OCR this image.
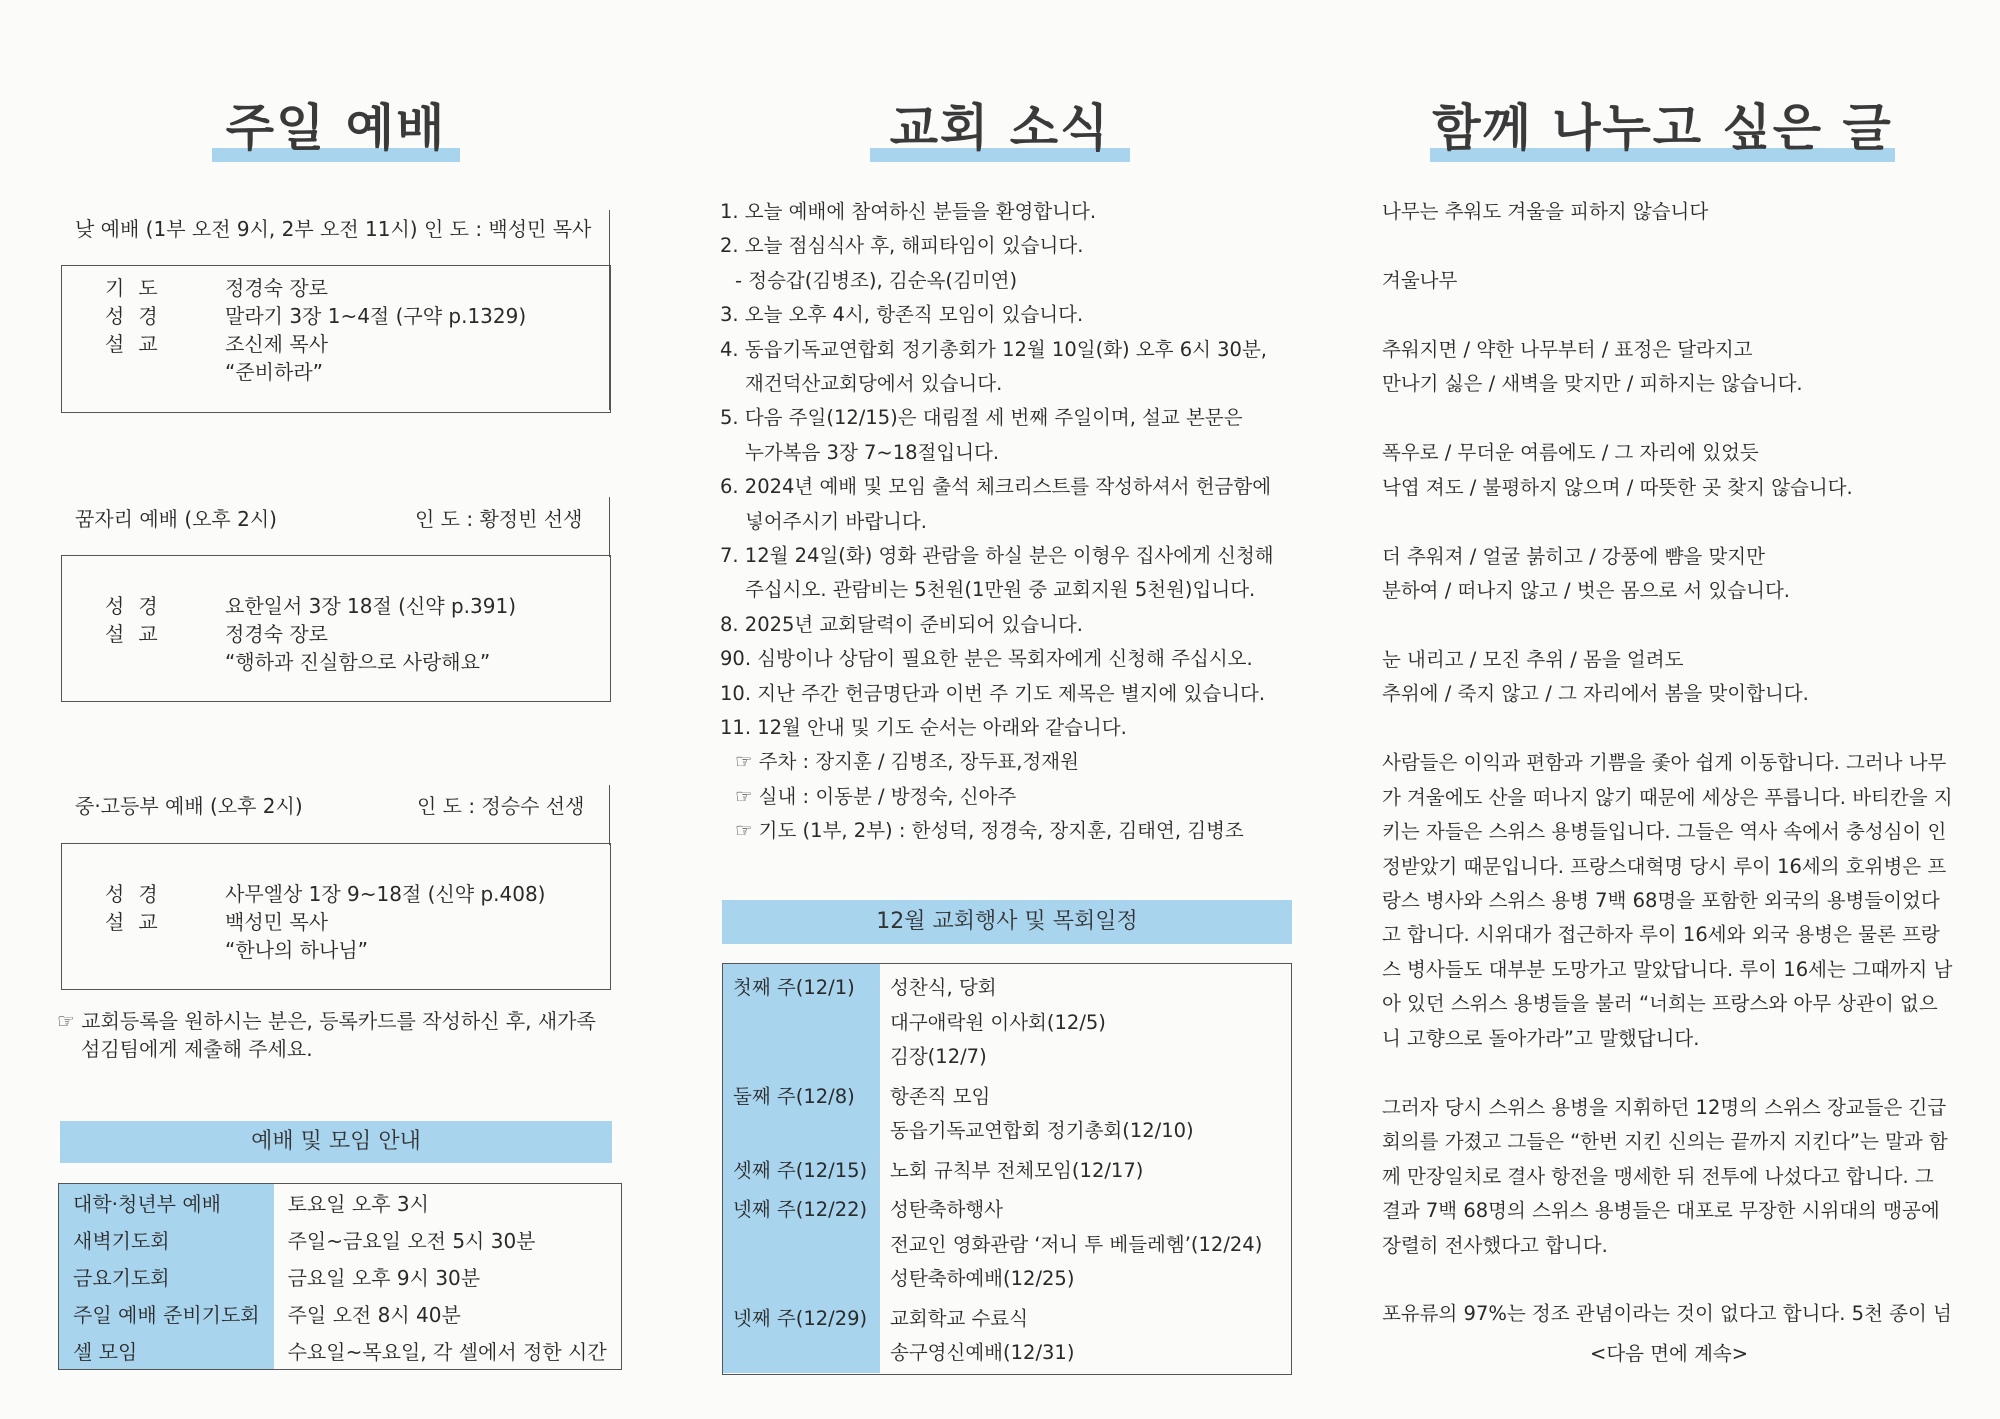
주일 예배
낮 예배 (1부 오전 9시, 2부 오전 11시) 인 도 : 백성민 목사
기도	정경숙 장로
성경	말라기 3장 1~4절 (구약 p.1329)
설교	조신제 목사
“준비하라”
꿈자리 예배 (오후 2시)	인 도 : 황정빈 선생
성경	요한일서 3장 18절 (신약 p.391)
설교	정경숙 장로
“행하과 진실함으로 사랑해요”
중·고등부 예배 (오후 2시)	인 도 : 정승수 선생
성경	사무엘상 1장 9~18절 (신약 p.408)
설교	백성민 목사
“한나의 하나님”
☞ 교회등록을 원하시는 분은, 등록카드를 작성하신 후, 새가족
섬김팀에게 제출해 주세요.
예배 및 모임 안내
대학·청년부 예배	토요일 오후 3시
새벽기도회	주일~금요일 오전 5시 30분
금요기도회	금요일 오후 9시 30분
주일 예배 준비기도회	주일 오전 8시 40분
셀 모임	수요일~목요일, 각 셀에서 정한 시간
교회 소식
1. 오늘 예배에 참여하신 분들을 환영합니다.
2. 오늘 점심식사 후, 해피타임이 있습니다.
- 정승갑(김병조), 김순옥(김미연)
3. 오늘 오후 4시, 항존직 모임이 있습니다.
4. 동읍기독교연합회 정기총회가 12월 10일(화) 오후 6시 30분,
재건덕산교회당에서 있습니다.
5. 다음 주일(12/15)은 대림절 세 번째 주일이며, 설교 본문은
누가복음 3장 7~18절입니다.
6. 2024년 예배 및 모임 출석 체크리스트를 작성하셔서 헌금함에
넣어주시기 바랍니다.
7. 12월 24일(화) 영화 관람을 하실 분은 이형우 집사에게 신청해
주십시오. 관람비는 5천원(1만원 중 교회지원 5천원)입니다.
8. 2025년 교회달력이 준비되어 있습니다.
90. 심방이나 상담이 필요한 분은 목회자에게 신청해 주십시오.
10. 지난 주간 헌금명단과 이번 주 기도 제목은 별지에 있습니다.
11. 12월 안내 및 기도 순서는 아래와 같습니다.
☞ 주차 : 장지훈 / 김병조, 장두표,정재원
☞ 실내 : 이동분 / 방정숙, 신아주
☞ 기도 (1부, 2부) : 한성덕, 정경숙, 장지훈, 김태연, 김병조
12월 교회행사 및 목회일정
첫째 주(12/1) 성찬식, 당회
대구애락원 이사회(12/5)
김장(12/7)
둘째 주(12/8) 항존직 모임
동읍기독교연합회 정기총회(12/10)
셋째 주(12/15) 노회 규칙부 전체모임(12/17)
넷째 주(12/22) 성탄축하행사
전교인 영화관람 ‘저니 투 베들레헴’(12/24)
성탄축하예배(12/25)
넷째 주(12/29) 교회학교 수료식
송구영신예배(12/31)
함께 나누고 싶은 글
나무는 추워도 겨울을 피하지 않습니다
겨울나무
추워지면 / 약한 나무부터 / 표정은 달라지고
만나기 싫은 / 새벽을 맞지만 / 피하지는 않습니다.
폭우로 / 무더운 여름에도 / 그 자리에 있었듯
낙엽 져도 / 불평하지 않으며 / 따뜻한 곳 찾지 않습니다.
더 추워져 / 얼굴 붉히고 / 강풍에 뺨을 맞지만
분하여 / 떠나지 않고 / 벗은 몸으로 서 있습니다.
눈 내리고 / 모진 추위 / 몸을 얼려도
추위에 / 죽지 않고 / 그 자리에서 봄을 맞이합니다.
사람들은 이익과 편함과 기쁨을 좇아 쉽게 이동합니다. 그러나 나무
가 겨울에도 산을 떠나지 않기 때문에 세상은 푸릅니다. 바티칸을 지
키는 자들은 스위스 용병들입니다. 그들은 역사 속에서 충성심이 인
정받았기 때문입니다. 프랑스대혁명 당시 루이 16세의 호위병은 프
랑스 병사와 스위스 용병 7백 68명을 포함한 외국의 용병들이었다
고 합니다. 시위대가 접근하자 루이 16세와 외국 용병은 물론 프랑
스 병사들도 대부분 도망가고 말았답니다. 루이 16세는 그때까지 남
아 있던 스위스 용병들을 불러 “너희는 프랑스와 아무 상관이 없으
니 고향으로 돌아가라”고 말했답니다.
그러자 당시 스위스 용병을 지휘하던 12명의 스위스 장교들은 긴급
회의를 가졌고 그들은 “한번 지킨 신의는 끝까지 지킨다”는 말과 함
께 만장일치로 결사 항전을 맹세한 뒤 전투에 나섰다고 합니다. 그
결과 7백 68명의 스위스 용병들은 대포로 무장한 시위대의 맹공에
장렬히 전사했다고 합니다.
포유류의 97%는 정조 관념이라는 것이 없다고 합니다. 5천 종이 넘
<다음 면에 계속>
